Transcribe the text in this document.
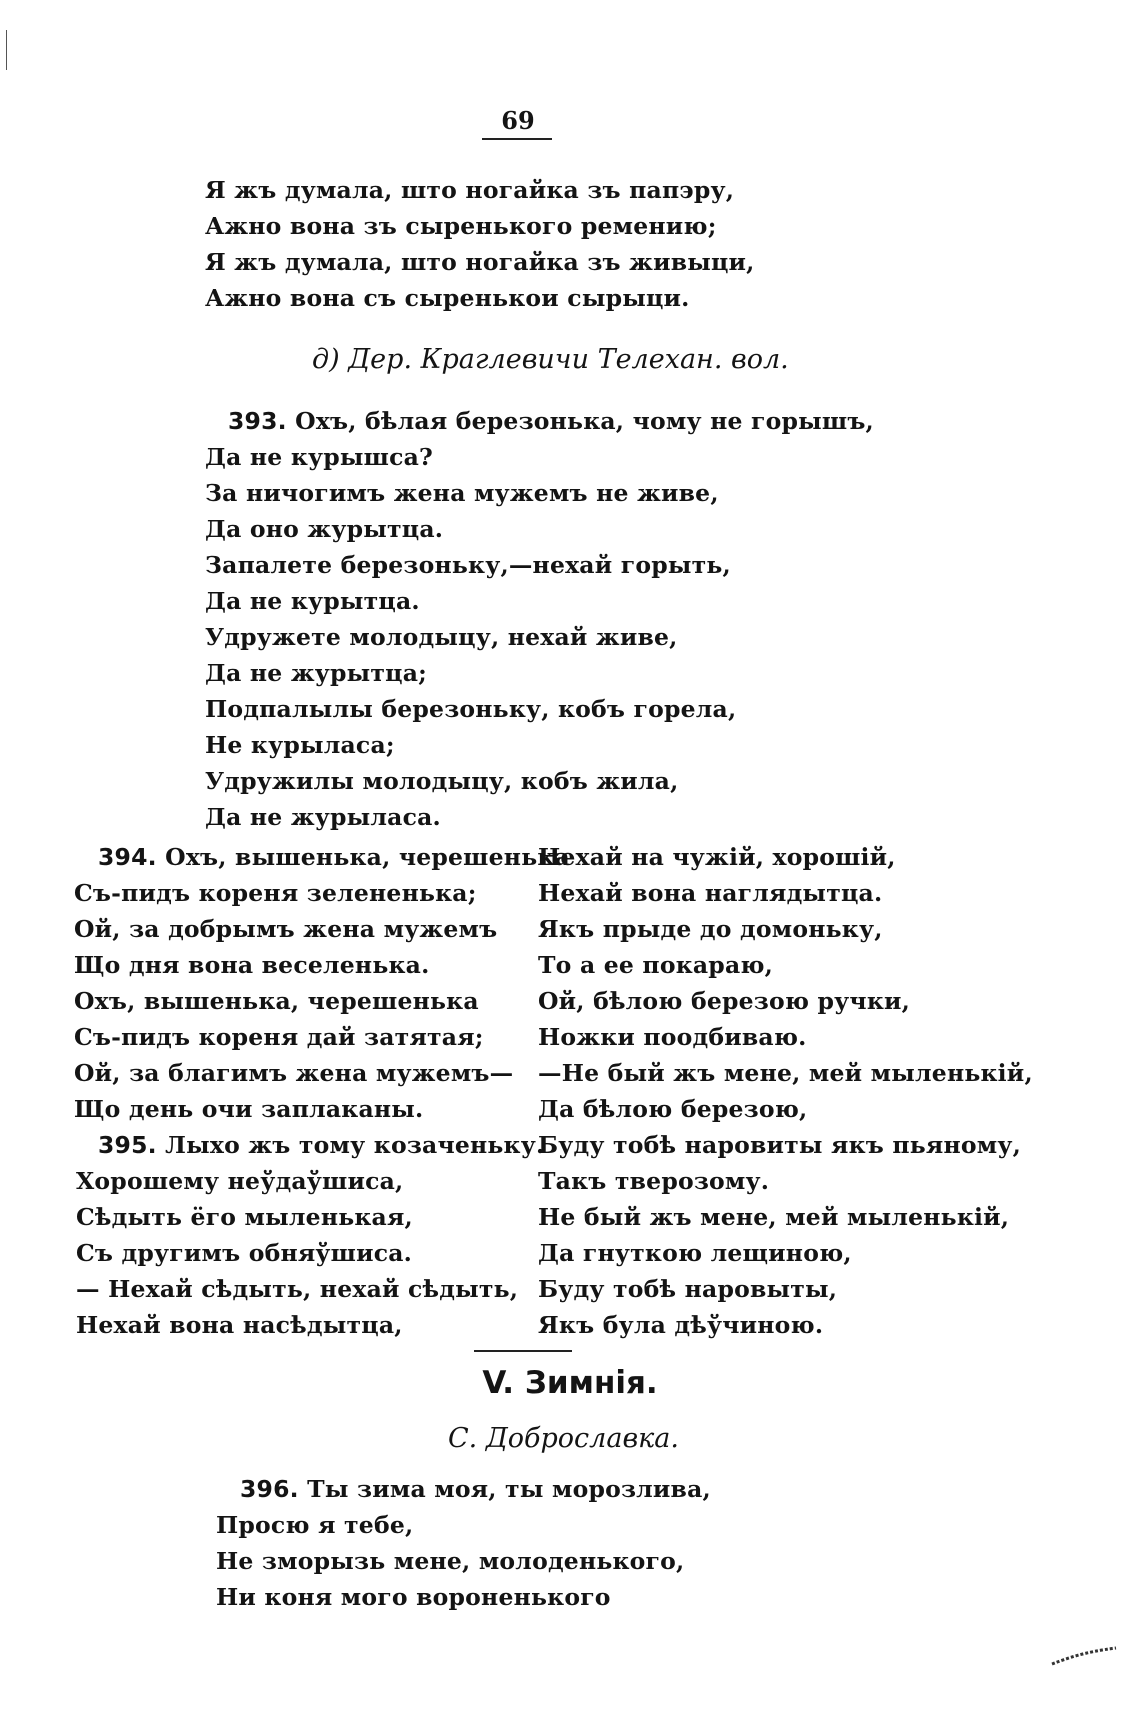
69
Я жъ думала, што ногайка зъ папэру,
Ажно вона зъ сыренького ремению;
Я жъ думала, што ногайка зъ живыци,
Ажно вона съ сыренькои сырыци.
д) Дер. Краглевичи Телехан. вол.
393. Охъ, бѣлая березонька, чому не горышъ,
Да не курышса?
За ничогимъ жена мужемъ не живе,
Да оно журытца.
Запалете березоньку,—нехай горыть,
Да не курытца.
Удружете молодыцу, нехай живе,
Да не журытца;
Подпалылы березоньку, кобъ горела,
Не курыласа;
Удружилы молодыцу, кобъ жила,
Да не журыласа.
394. Охъ, вышенька, черешенька
Съ-пидъ кореня зелененька;
Ой, за добрымъ жена мужемъ
Що дня вона веселенька.
Охъ, вышенька, черешенька
Съ-пидъ кореня дай затятая;
Ой, за благимъ жена мужемъ—
Що день очи заплаканы.
395. Лыхо жъ тому козаченьку.
Хорошему неўдаўшиса,
Сѣдыть ёго мыленькая,
Съ другимъ обняўшиса.
— Нехай сѣдыть, нехай сѣдыть,
Нехай вона насѣдытца,
Нехай на чужій, хорошій,
Нехай вона наглядытца.
Якъ прыде до домоньку,
То а ее покараю,
Ой, бѣлою березою ручки,
Ножки поодбиваю.
—Не бый жъ мене, мей мыленькій,
Да бѣлою березою,
Буду тобѣ наровиты якъ пьяному,
Такъ тверозому.
Не бый жъ мене, мей мыленькій,
Да гнуткою лещиною,
Буду тобѣ наровыты,
Якъ була дѣўчиною.
V. Зимнія.
С. Доброславка.
396. Ты зима моя, ты морозлива,
Просю я тебе,
Не зморызь мене, молоденького,
Ни коня мого вороненького
